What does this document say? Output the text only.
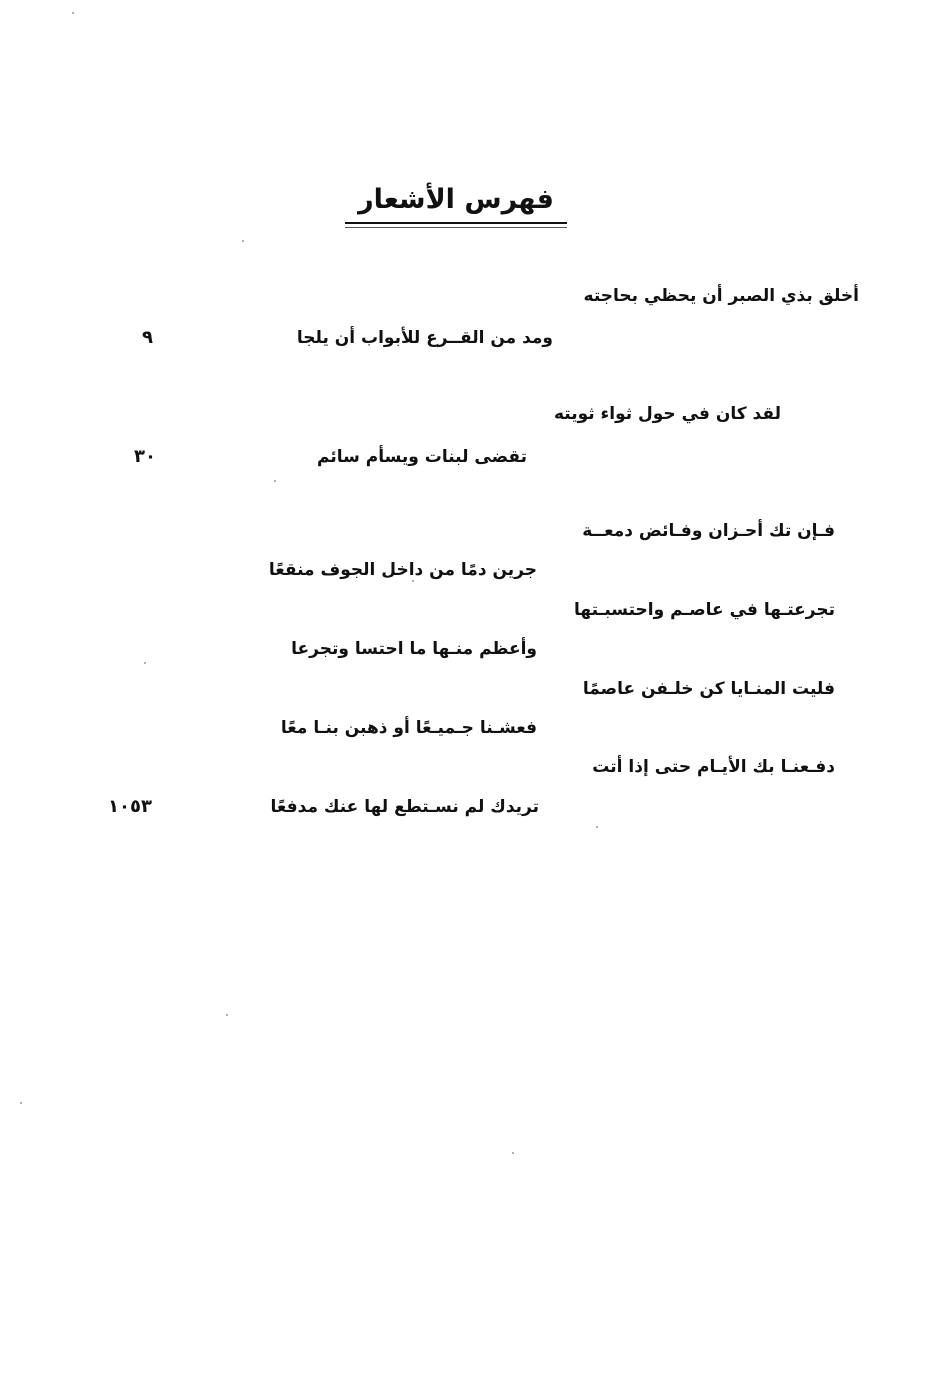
فهرس الأشعار
أخلق بذي الصبر أن يحظي بحاجته
ومد من القــرع للأبواب أن يلجا
٩
لقد كان في حول ثواء ثويته
تقضى لبنات ويسأم سائم
٣٠
فـإن تك أحـزان وفـائض دمعــة
جرين دمًا من داخل الجوف منقعًا
تجرعتـها في عاصـم واحتسبـتها
وأعظم منـها ما احتسا وتجرعا
فليت المنـايا كن خلـفن عاصمًا
فعشـنا جـميـعًا أو ذهبن بنـا معًا
دفـعنـا بك الأيـام حتى إذا أتت
تريدك لم نسـتطع لها عنك مدفعًا
١٠٥٣
